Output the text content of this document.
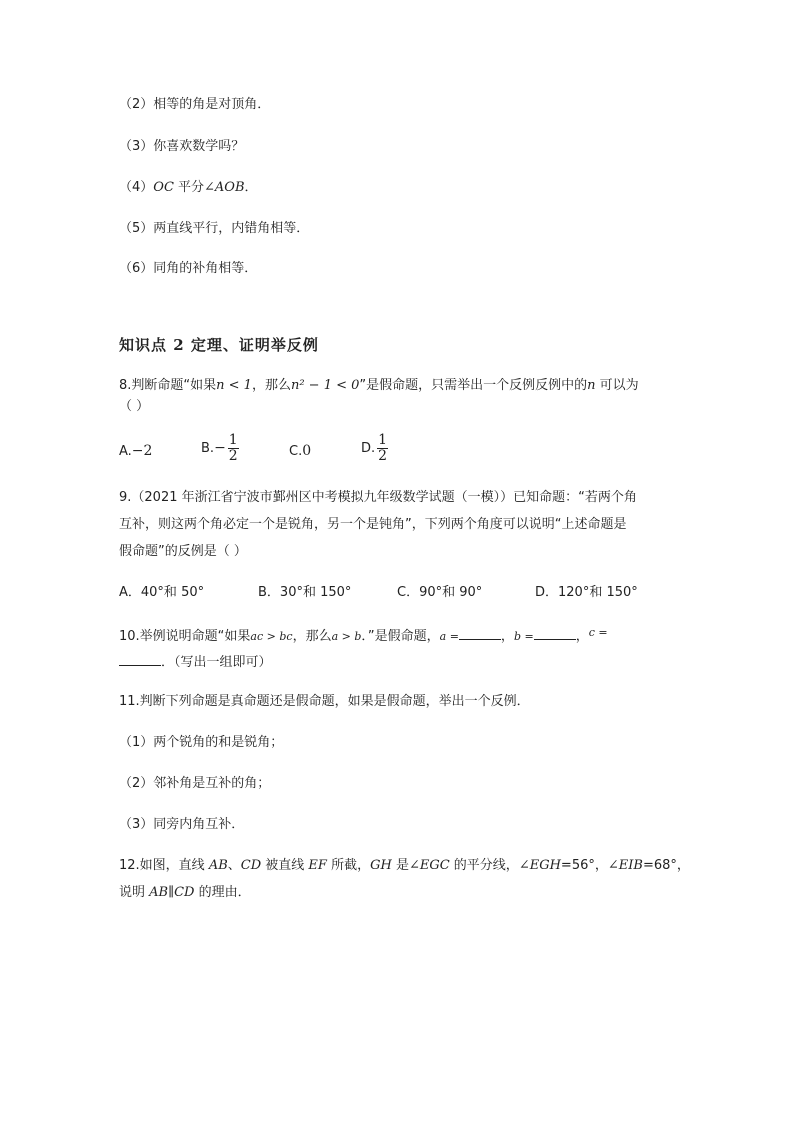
（2）相等的角是对顶角．
（3）你喜欢数学吗？
（4）OC 平分∠AOB．
（5）两直线平行，内错角相等．
（6）同角的补角相等．
知识点 2 定理、证明举反例
8.判断命题“如果n < 1，那么n² − 1 < 0”是假命题，只需举出一个反例反例中的n 可以为
（ ）
A.−2	$B.- \frac{1}{2}$	C.0	D. $\frac{1}{2}$
9.（2021 年浙江省宁波市鄞州区中考模拟九年级数学试题（一模））已知命题：“若两个角
互补，则这两个角必定一个是锐角，另一个是钝角”，下列两个角度可以说明“上述命题是
假命题”的反例是（ ）
A．40°和 50°	B．30°和 150°	C．90°和 90°	D．120°和 150°
10.举例说明命题“如果ac > bc，那么a > b．”是假命题，a =	，b =	，$^{c =}$
．（写出一组即可）
11.判断下列命题是真命题还是假命题，如果是假命题，举出一个反例．
（1）两个锐角的和是锐角；
（2）邻补角是互补的角；
（3）同旁内角互补．
12.如图，直线 AB、CD 被直线 EF 所截，GH 是∠EGC 的平分线，∠EGH=56°，∠EIB=68°，
说明 AB∥CD 的理由．
